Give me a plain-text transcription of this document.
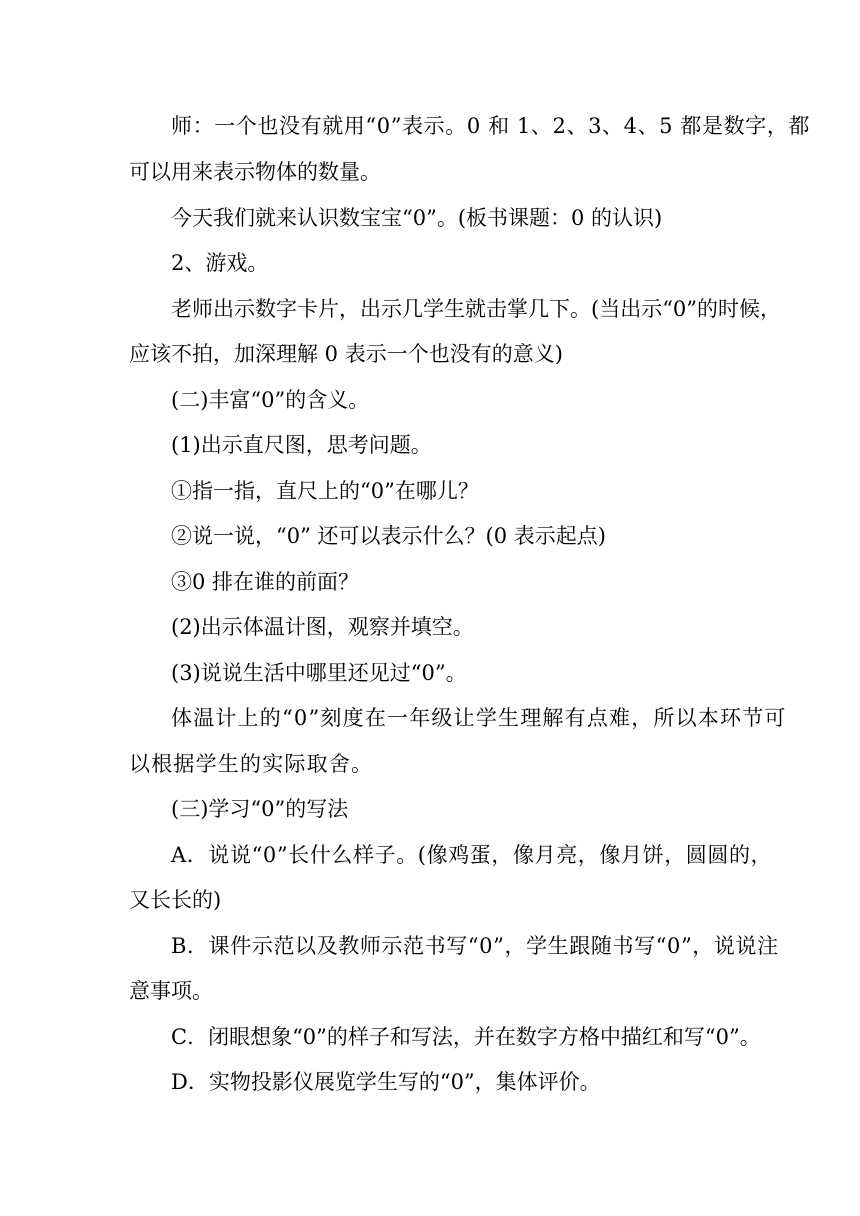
师：一个也没有就用“0”表示。0 和 1、2、3、4、5 都是数字，都

可以用来表示物体的数量。

今天我们就来认识数宝宝“0”。(板书课题：0 的认识)

2、游戏。

老师出示数字卡片，出示几学生就击掌几下。(当出示“0”的时候，

应该不拍，加深理解 0 表示一个也没有的意义)

(二)丰富“0”的含义。

(1)出示直尺图，思考问题。

①指一指，直尺上的“0”在哪儿？

②说一说，“0” 还可以表示什么？(0 表示起点)

③0 排在谁的前面？

(2)出示体温计图，观察并填空。

(3)说说生活中哪里还见过“0”。

体温计上的“0”刻度在一年级让学生理解有点难，所以本环节可

以根据学生的实际取舍。

(三)学习“0”的写法

A．说说“0”长什么样子。(像鸡蛋，像月亮，像月饼，圆圆的，

又长长的)

B．课件示范以及教师示范书写“0”，学生跟随书写“0”，说说注

意事项。

C．闭眼想象“0”的样子和写法，并在数字方格中描红和写“0”。

D．实物投影仪展览学生写的“0”，集体评价。
